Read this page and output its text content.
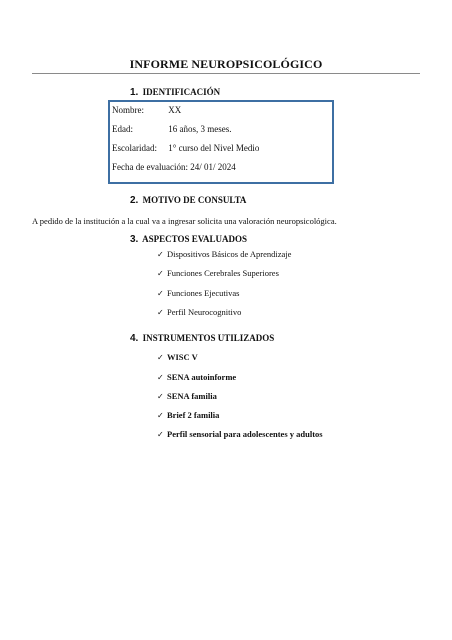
INFORME NEUROPSICOLÓGICO
1. IDENTIFICACIÓN
Nombre:	XX
Edad:	16 años, 3 meses.
Escolaridad: 1° curso del Nivel Medio
Fecha de evaluación: 24/ 01/ 2024
2. MOTIVO DE CONSULTA
A pedido de la institución a la cual va a ingresar solicita una valoración neuropsicológica.
3. ASPECTOS EVALUADOS
✓ Dispositivos Básicos de Aprendizaje
✓ Funciones Cerebrales Superiores
✓ Funciones Ejecutivas
✓ Perfil Neurocognitivo
4. INSTRUMENTOS UTILIZADOS
✓ WISC V
✓ SENA autoinforme
✓ SENA familia
✓ Brief 2 familia
✓ Perfil sensorial para adolescentes y adultos
